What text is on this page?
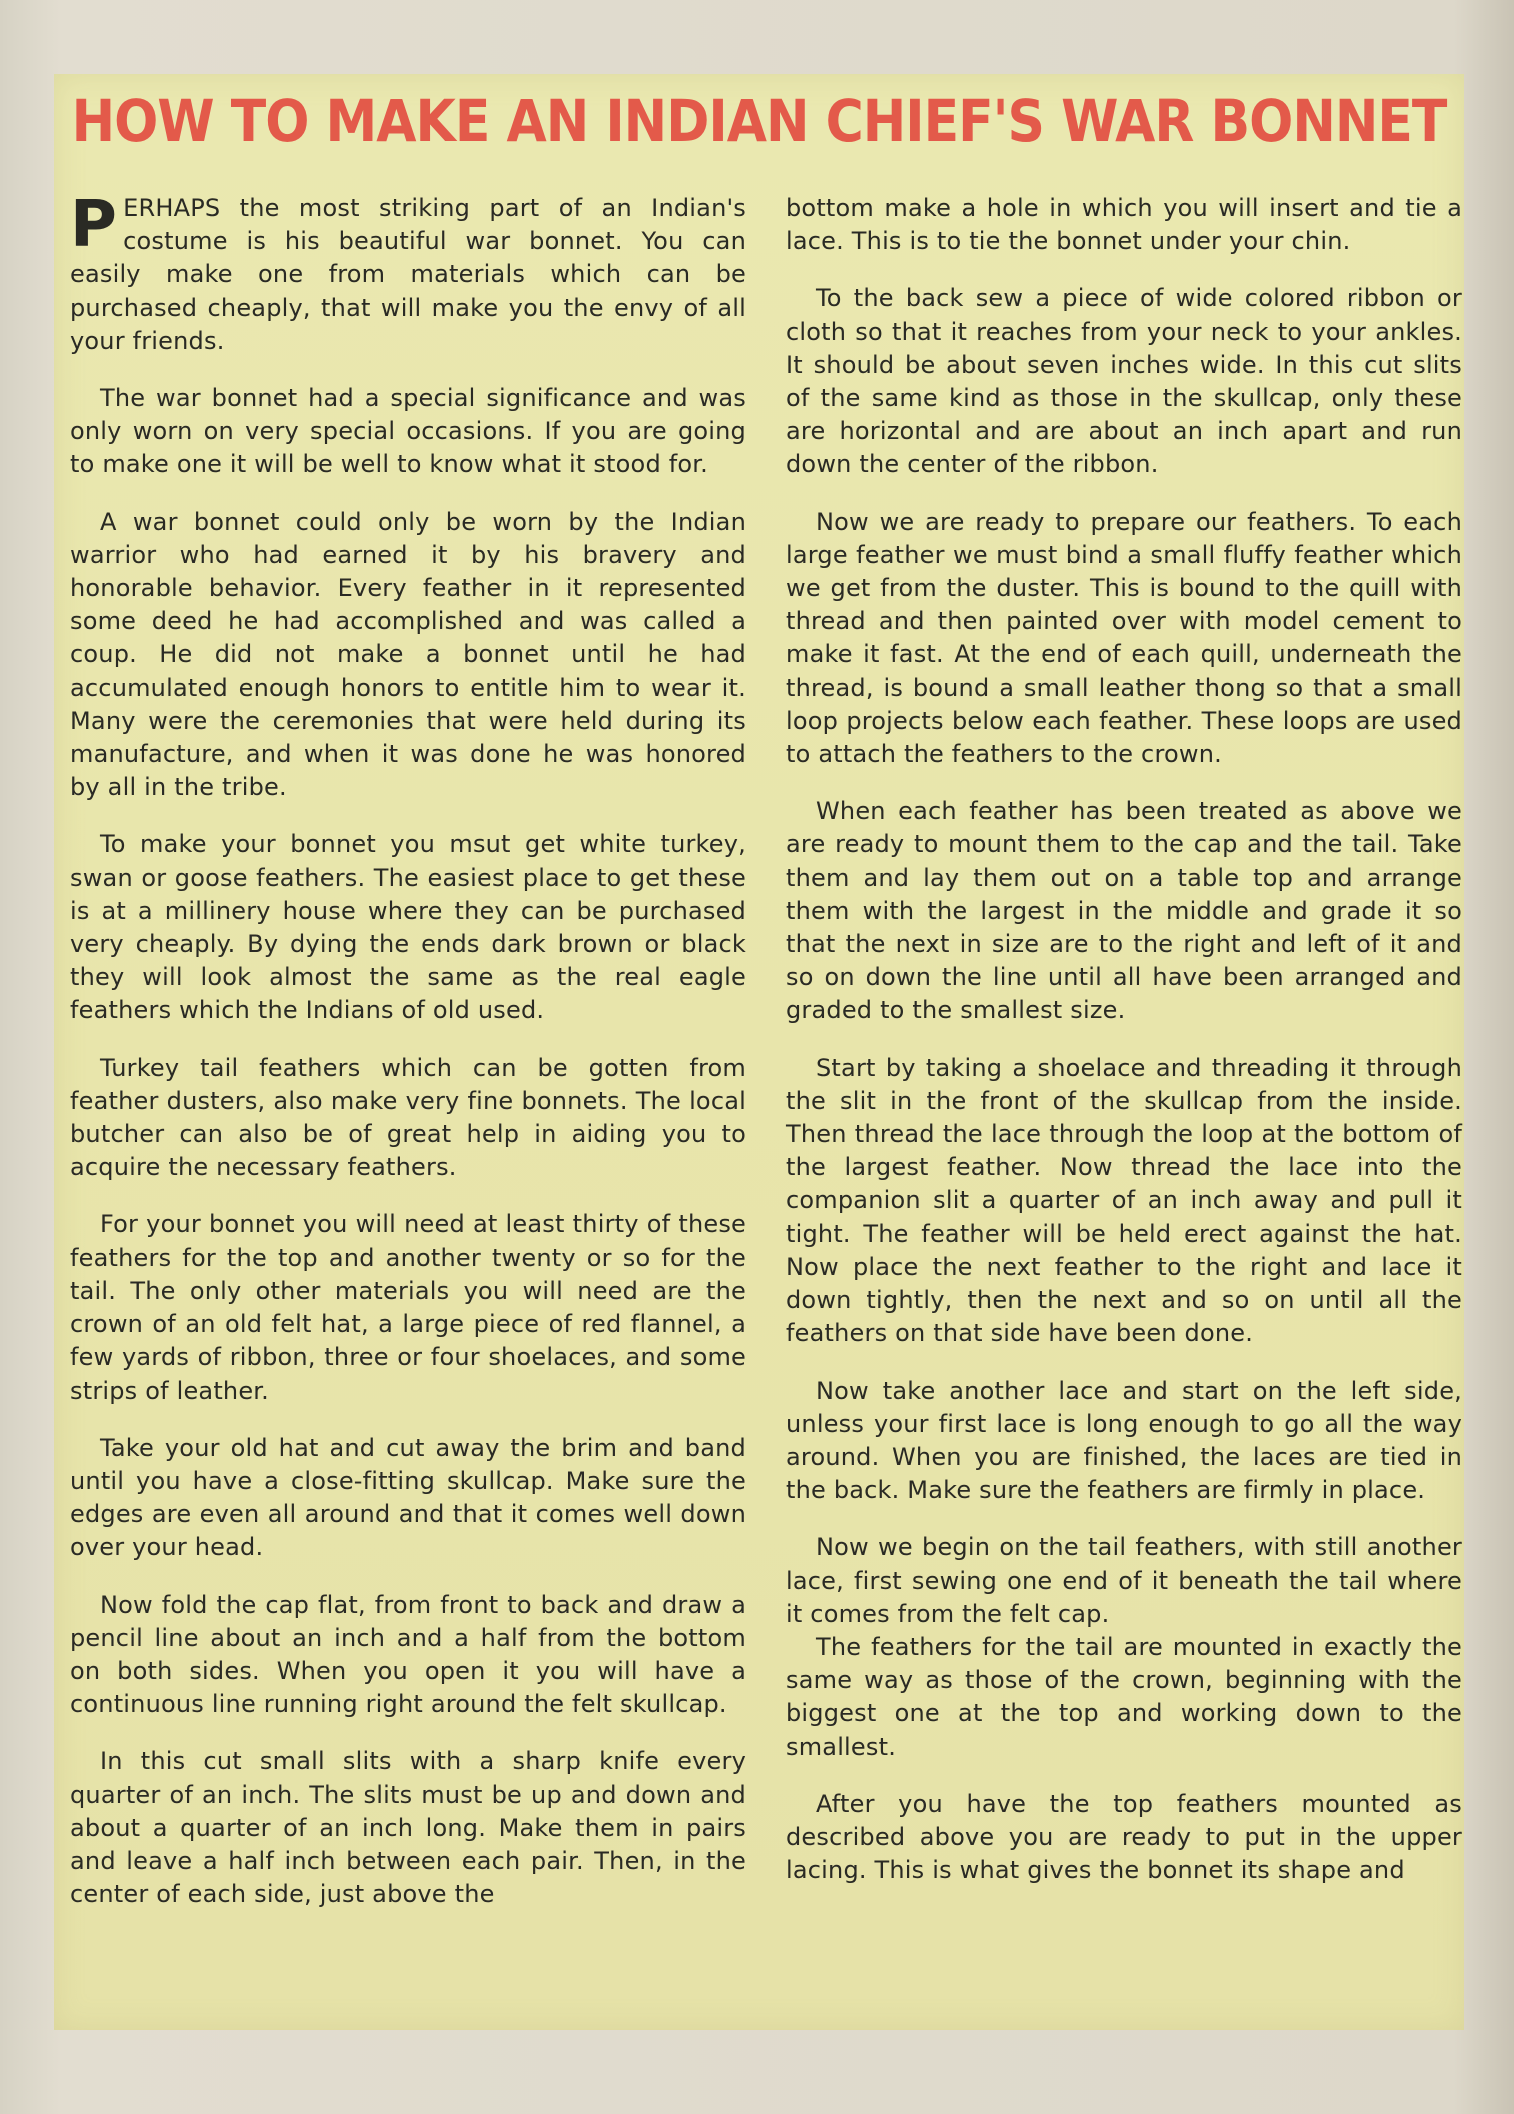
HOW TO MAKE AN INDIAN CHIEF'S WAR BONNET

PERHAPS the most striking part of an Indian's costume is his beautiful war bonnet. You can easily make one from materials which can be purchased cheaply, that will make you the envy of all your friends.

The war bonnet had a special significance and was only worn on very special occasions. If you are going to make one it will be well to know what it stood for.

A war bonnet could only be worn by the Indian warrior who had earned it by his bravery and honorable behavior. Every feather in it represented some deed he had accomplished and was called a coup. He did not make a bonnet until he had accumulated enough honors to entitle him to wear it. Many were the ceremonies that were held during its manufacture, and when it was done he was honored by all in the tribe.

To make your bonnet you msut get white turkey, swan or goose feathers. The easiest place to get these is at a millinery house where they can be purchased very cheaply. By dying the ends dark brown or black they will look almost the same as the real eagle feathers which the Indians of old used.

Turkey tail feathers which can be gotten from feather dusters, also make very fine bonnets. The local butcher can also be of great help in aiding you to acquire the necessary feathers.

For your bonnet you will need at least thirty of these feathers for the top and another twenty or so for the tail. The only other materials you will need are the crown of an old felt hat, a large piece of red flannel, a few yards of ribbon, three or four shoelaces, and some strips of leather.

Take your old hat and cut away the brim and band until you have a close-fitting skullcap. Make sure the edges are even all around and that it comes well down over your head.

Now fold the cap flat, from front to back and draw a pencil line about an inch and a half from the bottom on both sides. When you open it you will have a continuous line running right around the felt skullcap.

In this cut small slits with a sharp knife every quarter of an inch. The slits must be up and down and about a quarter of an inch long. Make them in pairs and leave a half inch between each pair. Then, in the center of each side, just above the

bottom make a hole in which you will insert and tie a lace. This is to tie the bonnet under your chin.

To the back sew a piece of wide colored ribbon or cloth so that it reaches from your neck to your ankles. It should be about seven inches wide. In this cut slits of the same kind as those in the skullcap, only these are horizontal and are about an inch apart and run down the center of the ribbon.

Now we are ready to prepare our feathers. To each large feather we must bind a small fluffy feather which we get from the duster. This is bound to the quill with thread and then painted over with model cement to make it fast. At the end of each quill, underneath the thread, is bound a small leather thong so that a small loop projects below each feather. These loops are used to attach the feathers to the crown.

When each feather has been treated as above we are ready to mount them to the cap and the tail. Take them and lay them out on a table top and arrange them with the largest in the middle and grade it so that the next in size are to the right and left of it and so on down the line until all have been arranged and graded to the smallest size.

Start by taking a shoelace and threading it through the slit in the front of the skullcap from the inside. Then thread the lace through the loop at the bottom of the largest feather. Now thread the lace into the companion slit a quarter of an inch away and pull it tight. The feather will be held erect against the hat. Now place the next feather to the right and lace it down tightly, then the next and so on until all the feathers on that side have been done.

Now take another lace and start on the left side, unless your first lace is long enough to go all the way around. When you are finished, the laces are tied in the back. Make sure the feathers are firmly in place.

Now we begin on the tail feathers, with still another lace, first sewing one end of it beneath the tail where it comes from the felt cap.

The feathers for the tail are mounted in exactly the same way as those of the crown, beginning with the biggest one at the top and working down to the smallest.

After you have the top feathers mounted as described above you are ready to put in the upper lacing. This is what gives the bonnet its shape and
